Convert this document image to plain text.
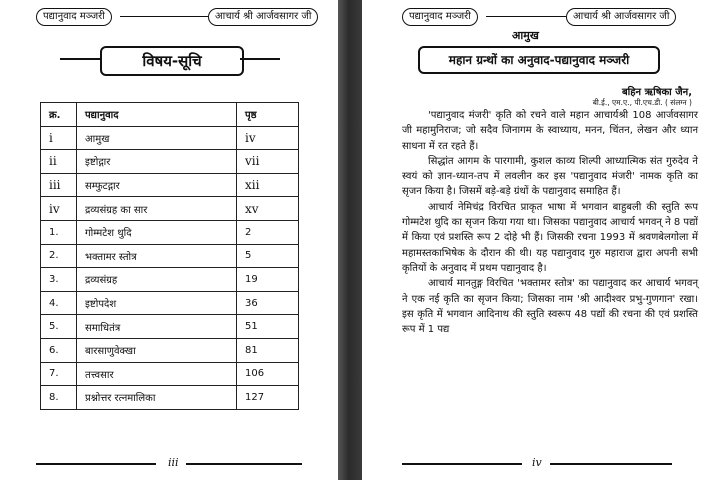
पद्यानुवाद मञ्जरी	आचार्य श्री आर्जवसागर जी
विषय-सूचि
क्र.	पद्यानुवाद	पृष्ठ
i	आमुख	iv
ii	इष्टोद्गार	vii
iii	सम्फुटद्गार	xii
iv	द्रव्यसंग्रह का सार	xv
1.	गोम्मटेश थुदि	2
2.	भक्तामर स्तोत्र	5
3.	द्रव्यसंग्रह	19
4.	इष्टोपदेश	36
5.	समाधितंत्र	51
6.	बारसाणुवेक्खा	81
7.	तत्त्वसार	106
8.	प्रश्नोत्तर रत्नमालिका	127
iii
पद्यानुवाद मञ्जरी	आचार्य श्री आर्जवसागर जी
आमुख
महान ग्रन्थों का अनुवाद-पद्यानुवाद मञ्जरी
बहिन ऋषिका जैन,
बी.ई., एम.ए., पी.एच.डी. ( संलग्न )

'पद्यानुवाद मंजरी' कृति को रचने वाले महान आचार्यश्री 108 आर्जवसागर जी महामुनिराज; जो सदैव जिनागम के स्वाध्याय, मनन, चिंतन, लेखन और ध्यान साधना में रत रहते हैं।

सिद्धांत आगम के पारगामी, कुशल काव्य शिल्पी आध्यात्मिक संत गुरुदेव ने स्वयं को ज्ञान-ध्यान-तप में लवलीन कर इस 'पद्यानुवाद मंजरी' नामक कृति का सृजन किया है। जिसमें बड़े-बड़े ग्रंथों के पद्यानुवाद समाहित हैं।

आचार्य नेमिचंद्र विरचित प्राकृत भाषा में भगवान बाहुबली की स्तुति रूप गोम्मटेश थुदि का सृजन किया गया था। जिसका पद्यानुवाद आचार्य भगवन् ने 8 पद्यों में किया एवं प्रशस्ति रूप 2 दोहे भी हैं। जिसकी रचना 1993 में श्रवणबेलगोला में महामस्तकाभिषेक के दौरान की थी। यह पद्यानुवाद गुरु महाराज द्वारा अपनी सभी कृतियों के अनुवाद में प्रथम पद्यानुवाद है।

आचार्य मानतुङ्ग विरचित 'भक्तामर स्तोत्र' का पद्यानुवाद कर आचार्य भगवन् ने एक नई कृति का सृजन किया; जिसका नाम 'श्री आदीश्वर प्रभु-गुणगान' रखा। इस कृति में भगवान आदिनाथ की स्तुति स्वरूप 48 पद्यों की रचना की एवं प्रशस्ति रूप में 1 पद्य

iv
